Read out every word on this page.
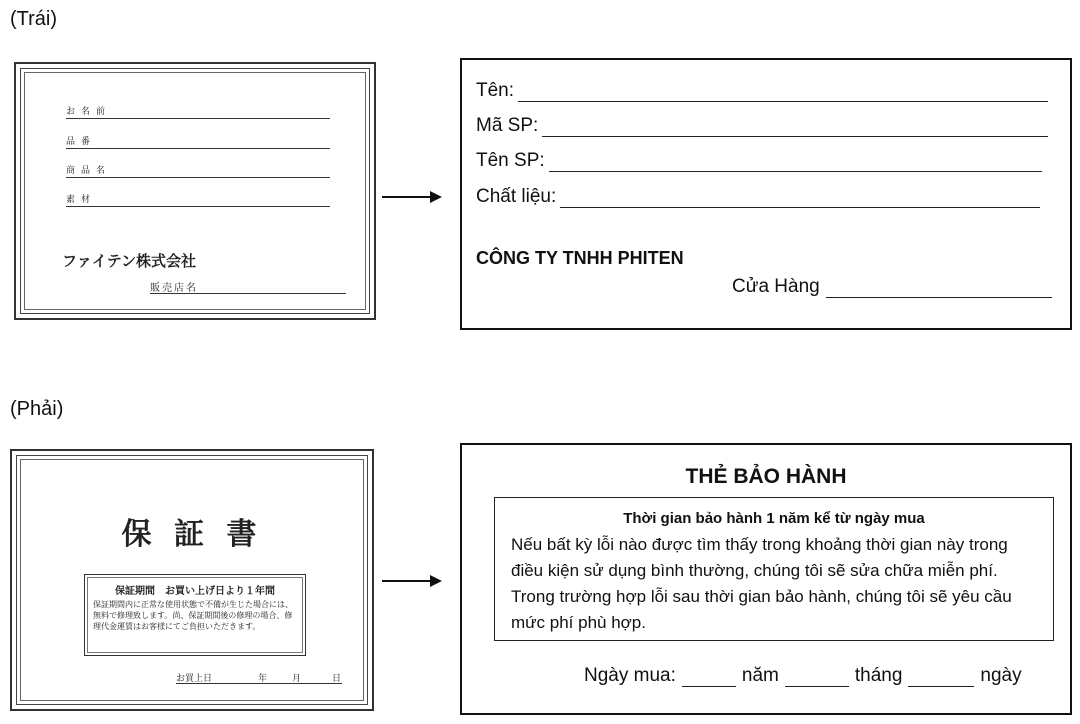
(Trái)
お名前
品番
商品名
素材
ファイテン株式会社
販売店名
Tên:
Mã SP:
Tên SP:
Chất liệu:
CÔNG TY TNHH PHITEN
Cửa Hàng
(Phải)
保 証 書
保証期間　お買い上げ日より１年間
保証期間内に正常な使用状態で不備が生じた場合には、無料で修理致します。尚、保証期間後の修理の場合、修理代金運賃はお客様にてご負担いただきます。
お買上日	年	月	日
THẺ BẢO HÀNH
Thời gian bảo hành 1 năm kể từ ngày mua
Nếu bất kỳ lỗi nào được tìm thấy trong khoảng thời gian này trong điều kiện sử dụng bình thường, chúng tôi sẽ sửa chữa miễn phí. Trong trường hợp lỗi sau thời gian bảo hành, chúng tôi sẽ yêu cầu mức phí phù hợp.
Ngày mua:	năm	tháng	ngày
